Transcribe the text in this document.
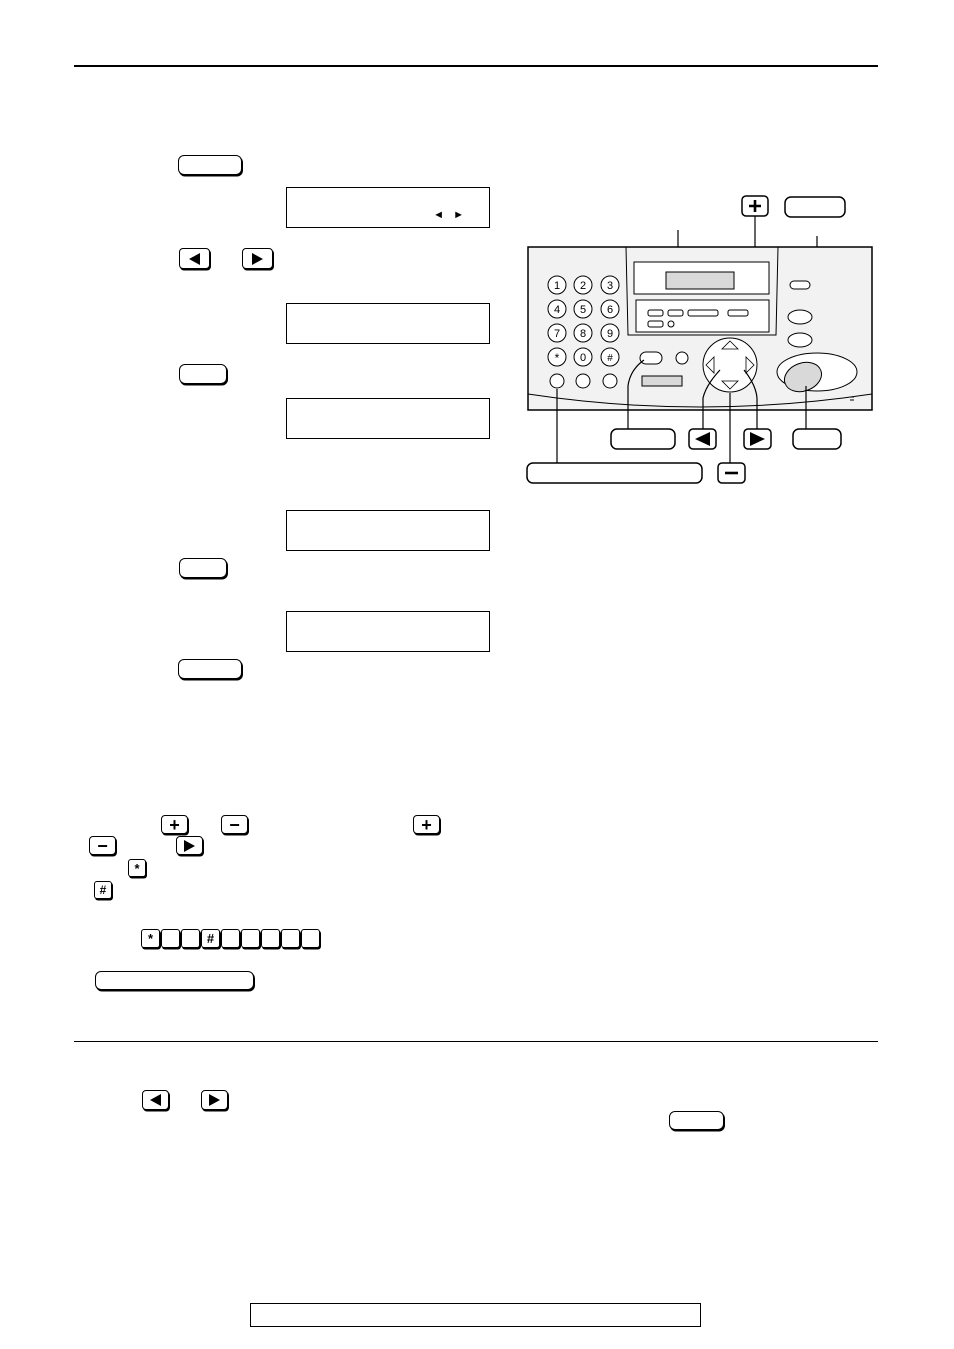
◄ ►
1 2 3
4 5 6
7 8 9
* 0 #
+	−	+
−
*
#
*	#
